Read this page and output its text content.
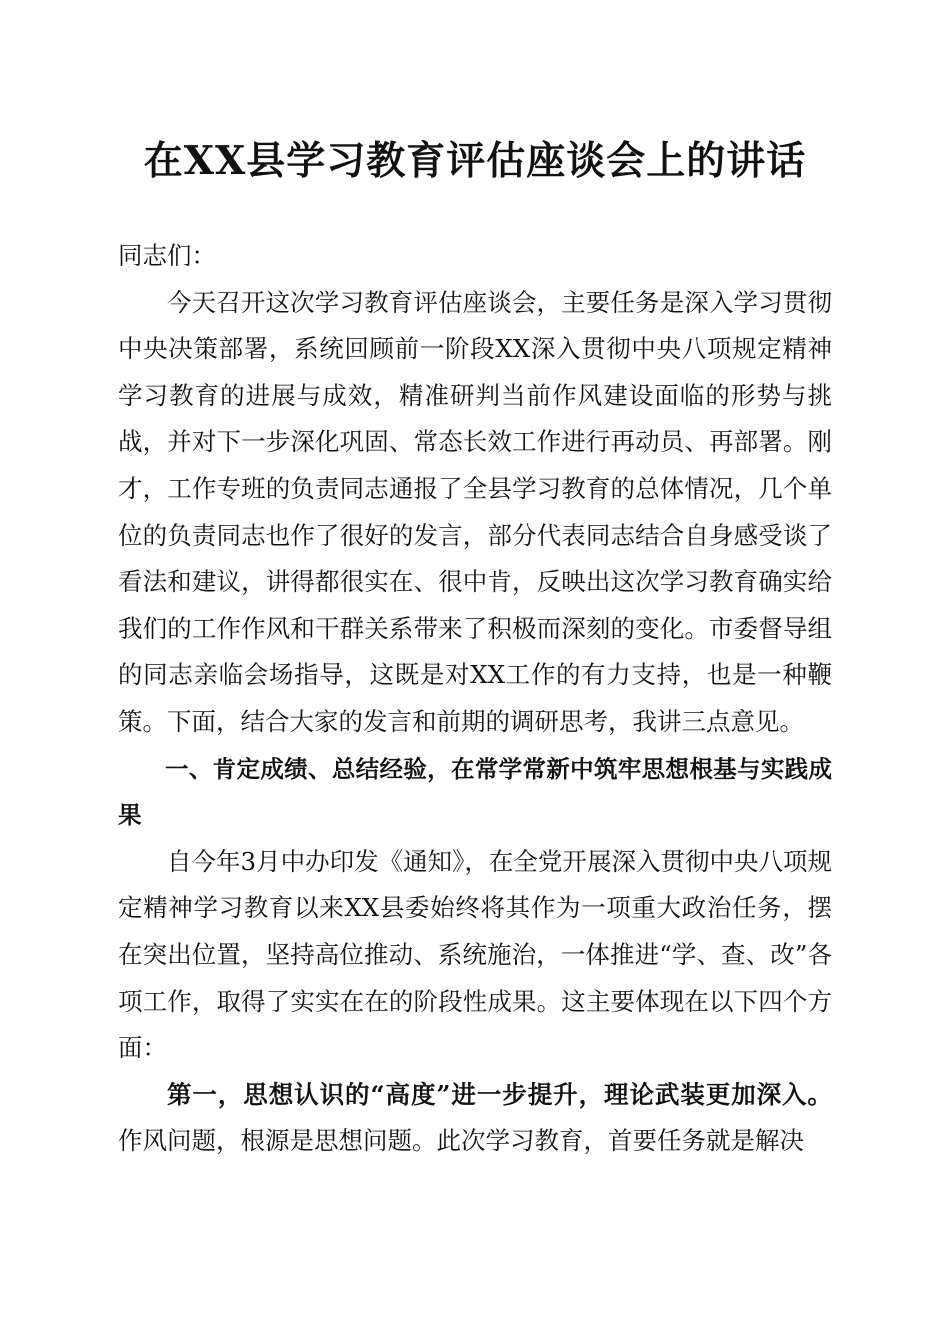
在XX县学习教育评估座谈会上的讲话

同志们：

今天召开这次学习教育评估座谈会，主要任务是深入学习贯彻中央决策部署，系统回顾前一阶段XX深入贯彻中央八项规定精神学习教育的进展与成效，精准研判当前作风建设面临的形势与挑战，并对下一步深化巩固、常态长效工作进行再动员、再部署。刚才，工作专班的负责同志通报了全县学习教育的总体情况，几个单位的负责同志也作了很好的发言，部分代表同志结合自身感受谈了看法和建议，讲得都很实在、很中肯，反映出这次学习教育确实给我们的工作作风和干群关系带来了积极而深刻的变化。市委督导组的同志亲临会场指导，这既是对XX工作的有力支持，也是一种鞭策。下面，结合大家的发言和前期的调研思考，我讲三点意见。

一、肯定成绩、总结经验，在常学常新中筑牢思想根基与实践成果

自今年3月中办印发《通知》，在全党开展深入贯彻中央八项规定精神学习教育以来XX县委始终将其作为一项重大政治任务，摆在突出位置，坚持高位推动、系统施治，一体推进“学、查、改”各项工作，取得了实实在在的阶段性成果。这主要体现在以下四个方面：

第一，思想认识的“高度”进一步提升，理论武装更加深入。作风问题，根源是思想问题。此次学习教育，首要任务就是解决
